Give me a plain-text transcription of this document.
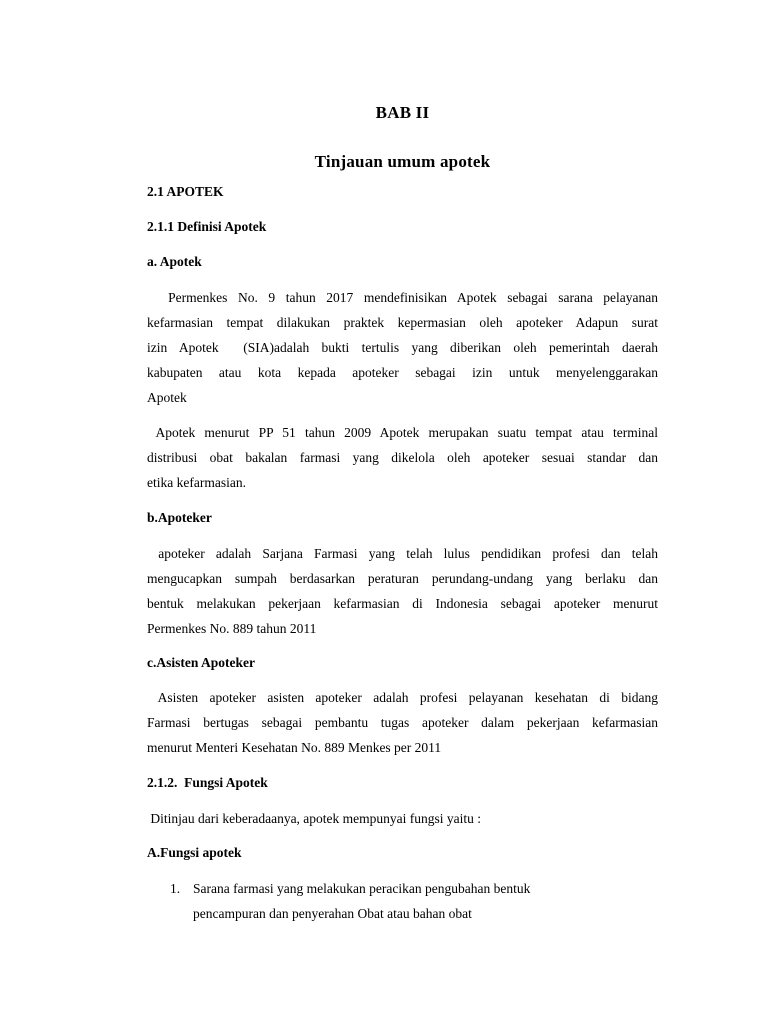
BAB II
Tinjauan umum apotek
2.1 APOTEK
2.1.1 Definisi Apotek
a. Apotek
Permenkes No. 9 tahun 2017 mendefinisikan Apotek sebagai sarana pelayanan
kefarmasian tempat dilakukan praktek kepermasian oleh apoteker Adapun surat
izin Apotek  (SIA)adalah bukti tertulis yang diberikan oleh pemerintah daerah
kabupaten atau kota kepada apoteker sebagai izin untuk menyelenggarakan
Apotek
Apotek menurut PP 51 tahun 2009 Apotek merupakan suatu tempat atau terminal
distribusi obat bakalan farmasi yang dikelola oleh apoteker sesuai standar dan
etika kefarmasian.
b.Apoteker
apoteker adalah Sarjana Farmasi yang telah lulus pendidikan profesi dan telah
mengucapkan sumpah berdasarkan peraturan perundang-undang yang berlaku dan
bentuk melakukan pekerjaan kefarmasian di Indonesia sebagai apoteker menurut
Permenkes No. 889 tahun 2011
c.Asisten Apoteker
Asisten apoteker asisten apoteker adalah profesi pelayanan kesehatan di bidang
Farmasi bertugas sebagai pembantu tugas apoteker dalam pekerjaan kefarmasian
menurut Menteri Kesehatan No. 889 Menkes per 2011
2.1.2.  Fungsi Apotek
Ditinjau dari keberadaanya, apotek mempunyai fungsi yaitu :
A.Fungsi apotek
1. Sarana farmasi yang melakukan peracikan pengubahan bentuk
pencampuran dan penyerahan Obat atau bahan obat
